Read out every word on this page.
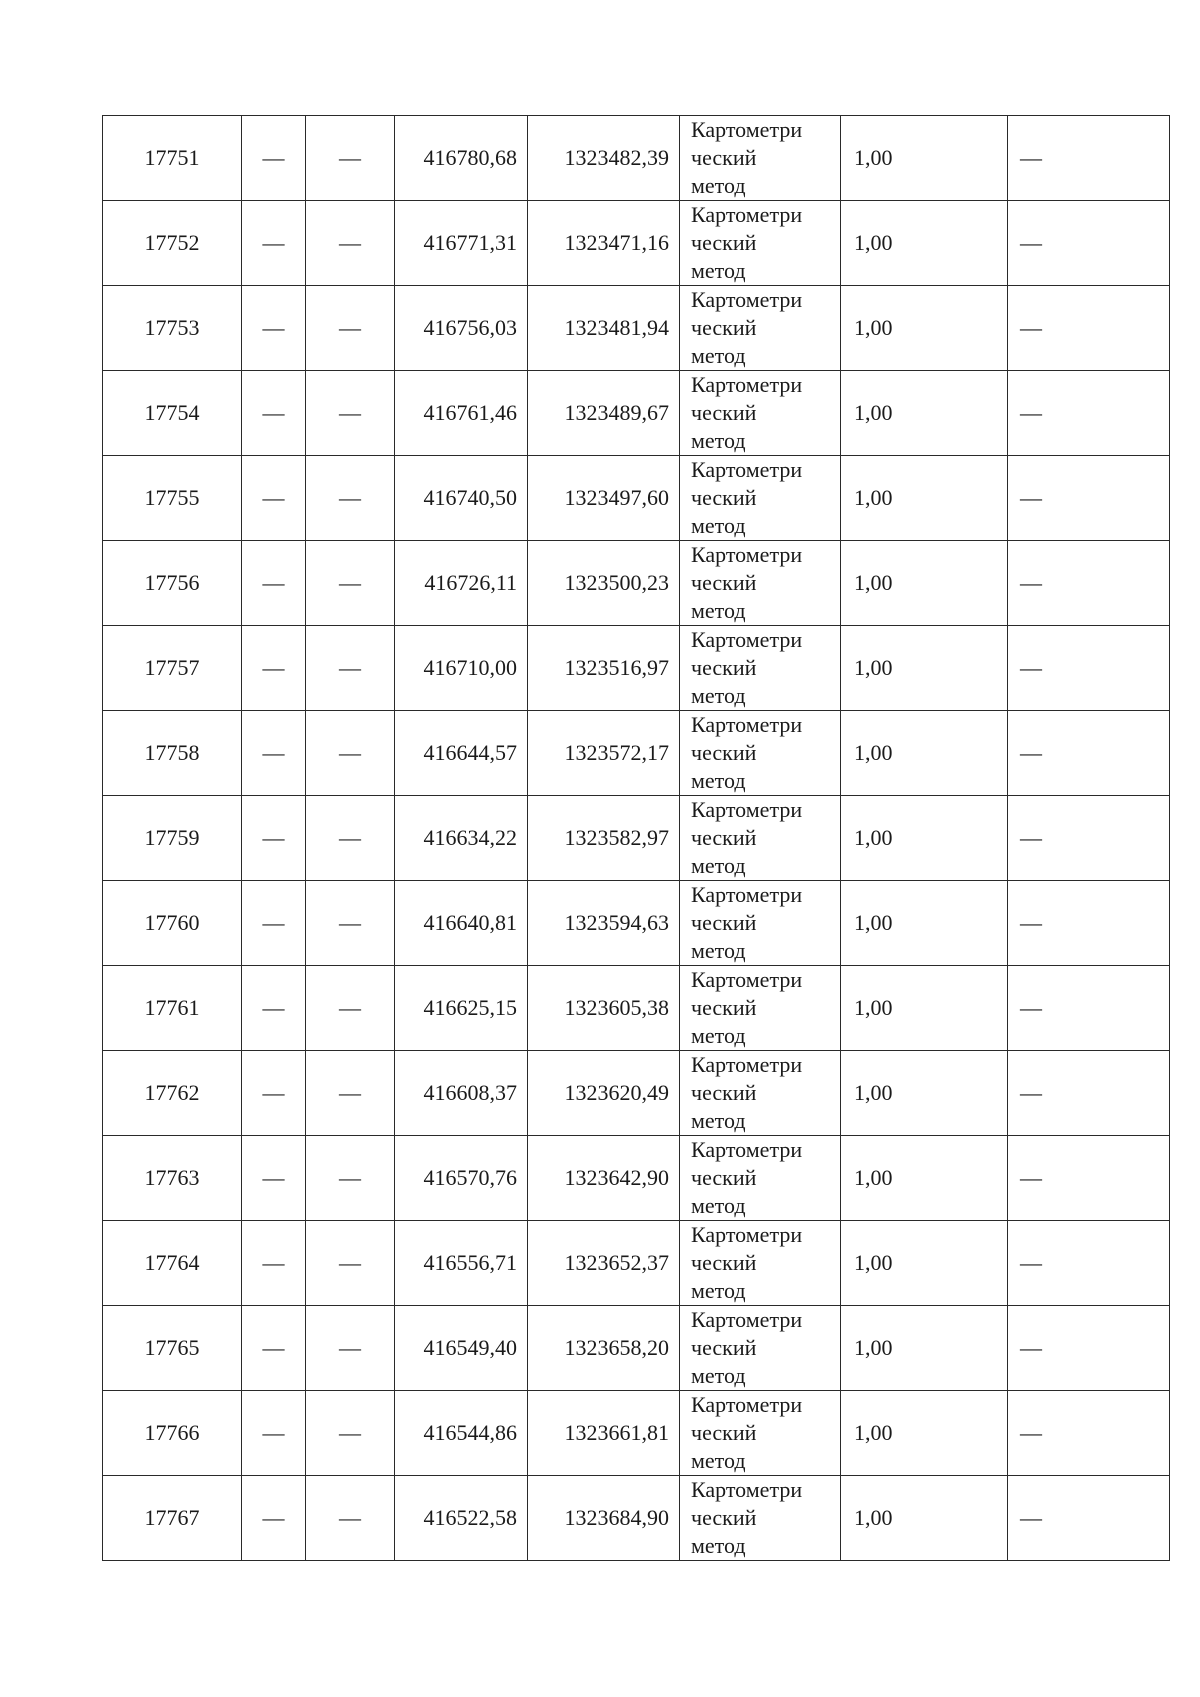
17751	—	—	416780,68	1323482,39	Картометри
ческий
метод	1,00	—
17752	—	—	416771,31	1323471,16	Картометри
ческий
метод	1,00	—
17753	—	—	416756,03	1323481,94	Картометри
ческий
метод	1,00	—
17754	—	—	416761,46	1323489,67	Картометри
ческий
метод	1,00	—
17755	—	—	416740,50	1323497,60	Картометри
ческий
метод	1,00	—
17756	—	—	416726,11	1323500,23	Картометри
ческий
метод	1,00	—
17757	—	—	416710,00	1323516,97	Картометри
ческий
метод	1,00	—
17758	—	—	416644,57	1323572,17	Картометри
ческий
метод	1,00	—
17759	—	—	416634,22	1323582,97	Картометри
ческий
метод	1,00	—
17760	—	—	416640,81	1323594,63	Картометри
ческий
метод	1,00	—
17761	—	—	416625,15	1323605,38	Картометри
ческий
метод	1,00	—
17762	—	—	416608,37	1323620,49	Картометри
ческий
метод	1,00	—
17763	—	—	416570,76	1323642,90	Картометри
ческий
метод	1,00	—
17764	—	—	416556,71	1323652,37	Картометри
ческий
метод	1,00	—
17765	—	—	416549,40	1323658,20	Картометри
ческий
метод	1,00	—
17766	—	—	416544,86	1323661,81	Картометри
ческий
метод	1,00	—
17767	—	—	416522,58	1323684,90	Картометри
ческий
метод	1,00	—
